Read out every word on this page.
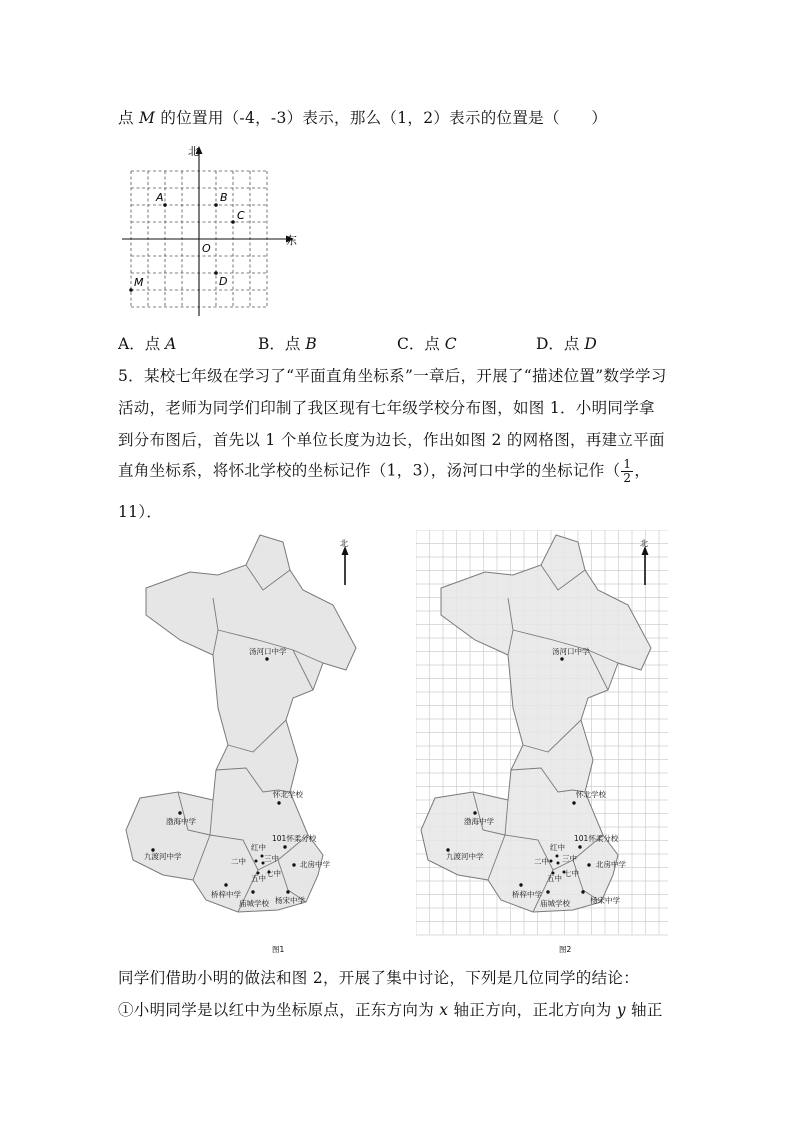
点 M 的位置用（-4，-3）表示，那么（1，2）表示的位置是（　　）
北
东
O
A	B
C
D
M
A．点 A	B．点 B	C．点 C	D．点 D
5．某校七年级在学习了“平面直角坐标系”一章后，开展了“描述位置”数学学习
活动，老师为同学们印制了我区现有七年级学校分布图，如图 1．小明同学拿
到分布图后，首先以 1 个单位长度为边长，作出如图 2 的网格图，再建立平面
直角坐标系，将怀北学校的坐标记作（1，3），汤河口中学的坐标记作（ $\frac{1}{2}$ ，
11）．
北
汤河口中学
怀北学校
渤海中学
101怀柔分校
九渡河中学
红中
二中 三中
北房中学
五中
七中
桥梓中学
庙城学校 杨宋中学
图1
北
汤河口中学
怀北学校
渤海中学
101怀柔分校
九渡河中学
红中
二中 三中
北房中学
五中
七中
桥梓中学
庙城学校	杨宋中学
图2
同学们借助小明的做法和图 2，开展了集中讨论，下列是几位同学的结论：
①小明同学是以红中为坐标原点，正东方向为 x 轴正方向，正北方向为 y 轴正
